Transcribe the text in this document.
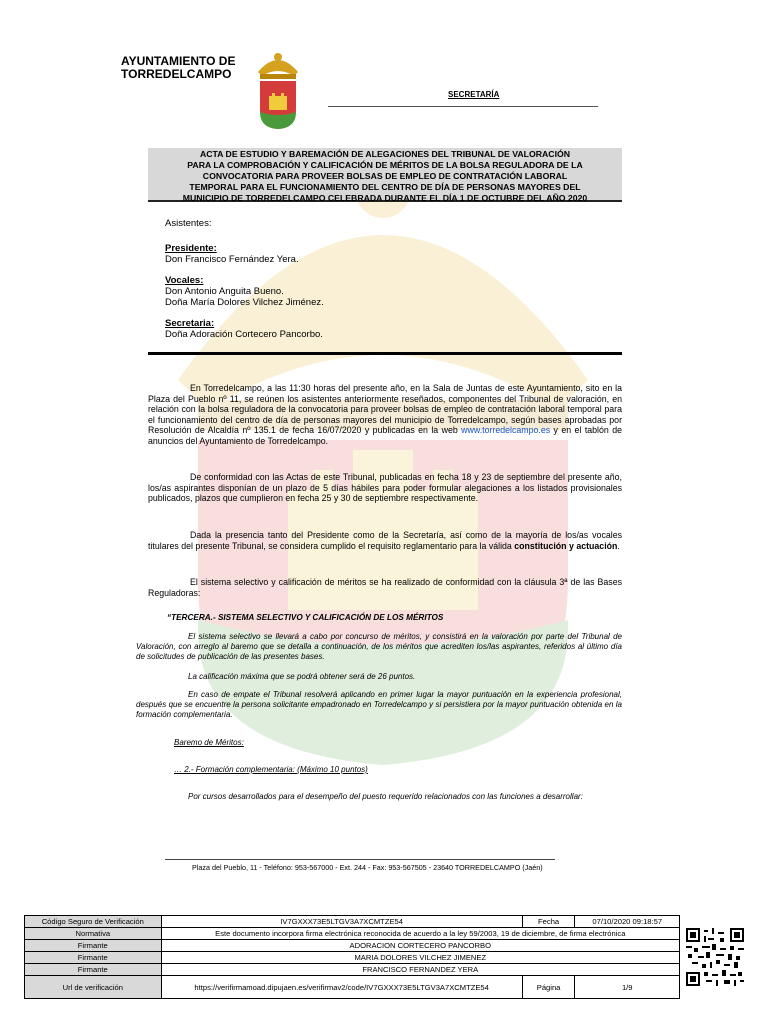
AYUNTAMIENTO DE
TORREDELCAMPO
SECRETARÍA
ACTA DE ESTUDIO Y BAREMACIÓN DE ALEGACIONES DEL TRIBUNAL DE VALORACIÓN
PARA LA COMPROBACIÓN Y CALIFICACIÓN DE MÉRITOS DE LA BOLSA REGULADORA DE LA
CONVOCATORIA PARA PROVEER BOLSAS DE EMPLEO DE CONTRATACIÓN LABORAL
TEMPORAL PARA EL FUNCIONAMIENTO DEL CENTRO DE DÍA DE PERSONAS MAYORES DEL
MUNICIPIO DE TORREDELCAMPO CELEBRADA DURANTE EL DÍA 1 DE OCTUBRE DEL AÑO 2020
Asistentes:
Presidente:
Don Francisco Fernández Yera.
Vocales:
Don Antonio Anguita Bueno.
Doña María Dolores Vilchez Jiménez.
Secretaria:
Doña Adoración Cortecero Pancorbo.
En Torredelcampo, a las 11:30 horas del presente año, en la Sala de Juntas de este Ayuntamiento, sito en la Plaza del Pueblo nº 11, se reúnen los asistentes anteriormente reseñados, componentes del Tribunal de valoración, en relación con la bolsa reguladora de la convocatoria para proveer bolsas de empleo de contratación laboral temporal para el funcionamiento del centro de día de personas mayores del municipio de Torredelcampo, según bases aprobadas por Resolución de Alcaldía nº 135.1 de fecha 16/07/2020 y publicadas en la web www.torredelcampo.es y en el tablón de anuncios del Ayuntamiento de Torredelcampo.
De conformidad con las Actas de este Tribunal, publicadas en fecha 18 y 23 de septiembre del presente año, los/as aspirantes disponían de un plazo de 5 días hábiles para poder formular alegaciones a los listados provisionales publicados, plazos que cumplieron en fecha 25 y 30 de septiembre respectivamente.
Dada la presencia tanto del Presidente como de la Secretaría, así como de la mayoría de los/as vocales titulares del presente Tribunal, se considera cumplido el requisito reglamentario para la válida constitución y actuación.
El sistema selectivo y calificación de méritos se ha realizado de conformidad con la cláusula 3ª de las Bases Reguladoras:
“TERCERA.- SISTEMA SELECTIVO Y CALIFICACIÓN DE LOS MÉRITOS
El sistema selectivo se llevará a cabo por concurso de méritos, y consistirá en la valoración por parte del Tribunal de Valoración, con arreglo al baremo que se detalla a continuación, de los méritos que acrediten los/las aspirantes, referidos al último día de solicitudes de publicación de las presentes bases.
La calificación máxima que se podrá obtener será de 26 puntos.
En caso de empate el Tribunal resolverá aplicando en primer lugar la mayor puntuación en la experiencia profesional, después que se encuentre la persona solicitante empadronado en Torredelcampo y si persistiera por la mayor puntuación obtenida en la formación complementaria.
Baremo de Méritos:
… 2.- Formación complementaria: (Máximo 10 puntos)
Por cursos desarrollados para el desempeño del puesto requerido relacionados con las funciones a desarrollar:
Plaza del Pueblo, 11 - Teléfono: 953-567000 - Ext. 244 - Fax: 953-567505 - 23640 TORREDELCAMPO (Jaén)
Código Seguro de Verificación	IV7GXXX73E5LTGV3A7XCMTZE54	Fecha	07/10/2020 09:18:57
Normativa	Este documento incorpora firma electrónica reconocida de acuerdo a la ley 59/2003, 19 de diciembre, de firma electrónica		
Firmante	ADORACION CORTECERO PANCORBO		
Firmante	MARIA DOLORES VILCHEZ JIMENEZ		
Firmante	FRANCISCO FERNANDEZ YERA		
Url de verificación	https://verifirmamoad.dipujaen.es/verifirmav2/code/IV7GXXX73E5LTGV3A7XCMTZE54	Página	1/9
